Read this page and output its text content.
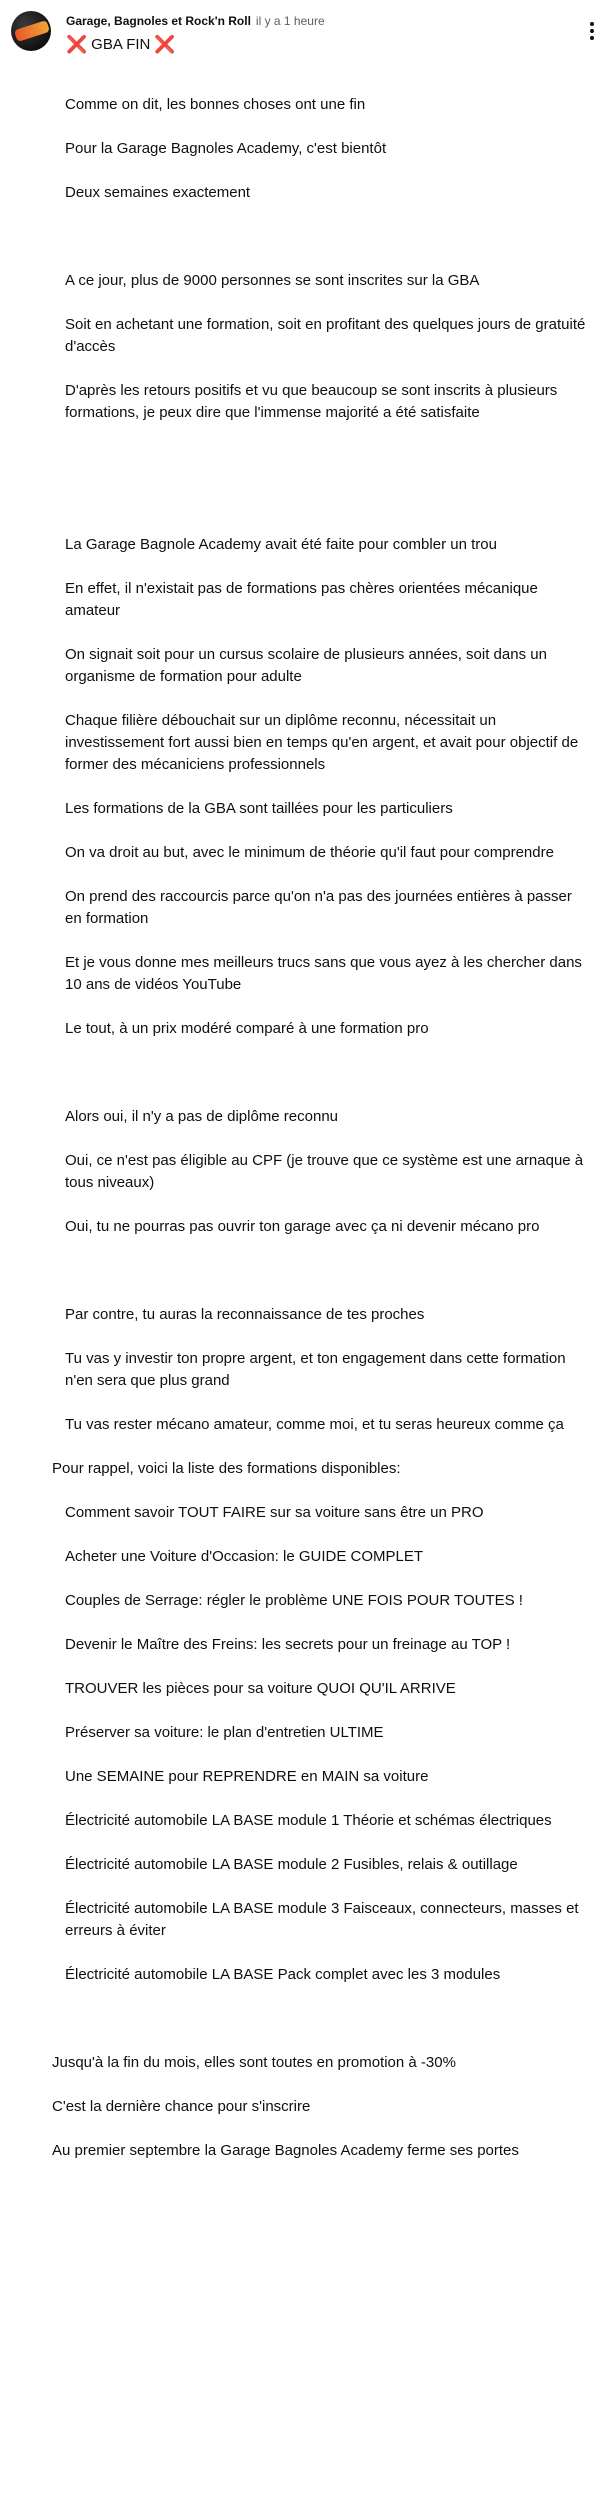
Garage, Bagnoles et Rock'n Roll il y a 1 heure
❌ GBA FIN ❌

Comme on dit, les bonnes choses ont une fin

Pour la Garage Bagnoles Academy, c'est bientôt

Deux semaines exactement

A ce jour, plus de 9000 personnes se sont inscrites sur la GBA

Soit en achetant une formation, soit en profitant des quelques jours de gratuité d'accès

D'après les retours positifs et vu que beaucoup se sont inscrits à plusieurs formations, je peux dire que l'immense majorité a été satisfaite

La Garage Bagnole Academy avait été faite pour combler un trou

En effet, il n'existait pas de formations pas chères orientées mécanique amateur

On signait soit pour un cursus scolaire de plusieurs années, soit dans un organisme de formation pour adulte

Chaque filière débouchait sur un diplôme reconnu, nécessitait un investissement fort aussi bien en temps qu'en argent, et avait pour objectif de former des mécaniciens professionnels

Les formations de la GBA sont taillées pour les particuliers

On va droit au but, avec le minimum de théorie qu'il faut pour comprendre

On prend des raccourcis parce qu'on n'a pas des journées entières à passer en formation

Et je vous donne mes meilleurs trucs sans que vous ayez à les chercher dans 10 ans de vidéos YouTube

Le tout, à un prix modéré comparé à une formation pro

Alors oui, il n'y a pas de diplôme reconnu

Oui, ce n'est pas éligible au CPF (je trouve que ce système est une arnaque à tous niveaux)

Oui, tu ne pourras pas ouvrir ton garage avec ça ni devenir mécano pro

Par contre, tu auras la reconnaissance de tes proches

Tu vas y investir ton propre argent, et ton engagement dans cette formation n'en sera que plus grand

Tu vas rester mécano amateur, comme moi, et tu seras heureux comme ça

Pour rappel, voici la liste des formations disponibles:

Comment savoir TOUT FAIRE sur sa voiture sans être un PRO

Acheter une Voiture d'Occasion: le GUIDE COMPLET

Couples de Serrage: régler le problème UNE FOIS POUR TOUTES !

Devenir le Maître des Freins: les secrets pour un freinage au TOP !

TROUVER les pièces pour sa voiture QUOI QU'IL ARRIVE

Préserver sa voiture: le plan d'entretien ULTIME

Une SEMAINE pour REPRENDRE en MAIN sa voiture

Électricité automobile LA BASE module 1 Théorie et schémas électriques

Électricité automobile LA BASE module 2 Fusibles, relais & outillage

Électricité automobile LA BASE module 3 Faisceaux, connecteurs, masses et erreurs à éviter

Électricité automobile LA BASE Pack complet avec les 3 modules

Jusqu'à la fin du mois, elles sont toutes en promotion à -30%

C'est la dernière chance pour s'inscrire

Au premier septembre la Garage Bagnoles Academy ferme ses portes
